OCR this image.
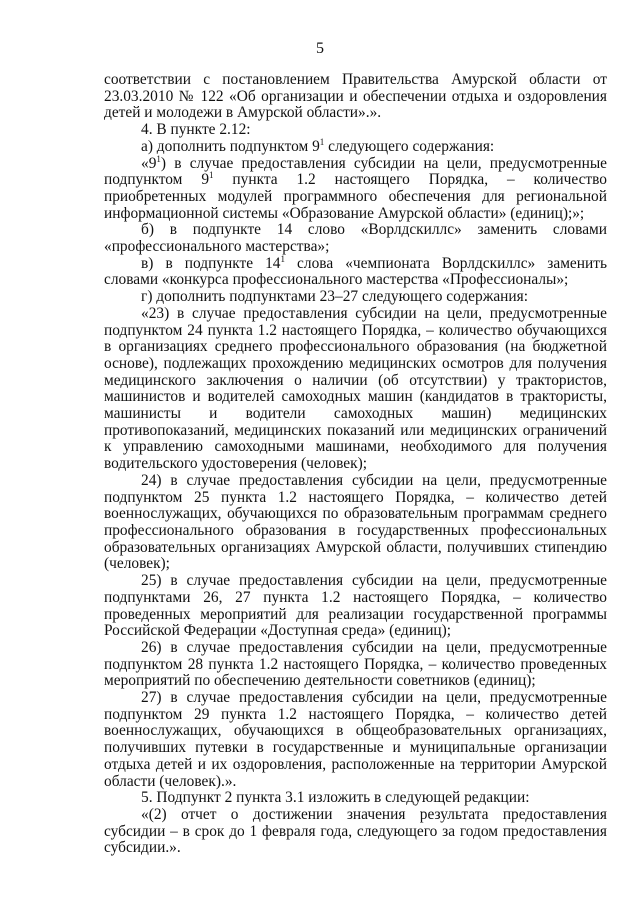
5

соответствии с постановлением Правительства Амурской области от 23.03.2010 № 122 «Об организации и обеспечении отдыха и оздоровления детей и молодежи в Амурской области».».

4. В пункте 2.12:

а) дополнить подпунктом $9^1$ следующего содержания:

«$9^1$) в случае предоставления субсидии на цели, предусмотренные подпунктом $9^1$ пункта 1.2 настоящего Порядка, – количество приобретенных модулей программного обеспечения для региональной информационной системы «Образование Амурской области» (единиц);»;

б) в подпункте 14 слово «Ворлдскиллс» заменить словами «профессионального мастерства»;

в) в подпункте $14^1$ слова «чемпионата Ворлдскиллс» заменить словами «конкурса профессионального мастерства «Профессионалы»;

г) дополнить подпунктами 23–27 следующего содержания:

«23) в случае предоставления субсидии на цели, предусмотренные подпунктом 24 пункта 1.2 настоящего Порядка, – количество обучающихся в организациях среднего профессионального образования (на бюджетной основе), подлежащих прохождению медицинских осмотров для получения медицинского заключения о наличии (об отсутствии) у трактористов, машинистов и водителей самоходных машин (кандидатов в трактористы, машинисты и водители самоходных машин) медицинских противопоказаний, медицинских показаний или медицинских ограничений к управлению самоходными машинами, необходимого для получения водительского удостоверения (человек);

24) в случае предоставления субсидии на цели, предусмотренные подпунктом 25 пункта 1.2 настоящего Порядка, – количество детей военнослужащих, обучающихся по образовательным программам среднего профессионального образования в государственных профессиональных образовательных организациях Амурской области, получивших стипендию (человек);

25) в случае предоставления субсидии на цели, предусмотренные подпунктами 26, 27 пункта 1.2 настоящего Порядка, – количество проведенных мероприятий для реализации государственной программы Российской Федерации «Доступная среда» (единиц);

26) в случае предоставления субсидии на цели, предусмотренные подпунктом 28 пункта 1.2 настоящего Порядка, – количество проведенных мероприятий по обеспечению деятельности советников (единиц);

27) в случае предоставления субсидии на цели, предусмотренные подпунктом 29 пункта 1.2 настоящего Порядка, – количество детей военнослужащих, обучающихся в общеобразовательных организациях, получивших путевки в государственные и муниципальные организации отдыха детей и их оздоровления, расположенные на территории Амурской области (человек).».

5. Подпункт 2 пункта 3.1 изложить в следующей редакции:

«(2) отчет о достижении значения результата предоставления субсидии – в срок до 1 февраля года, следующего за годом предоставления субсидии.».
